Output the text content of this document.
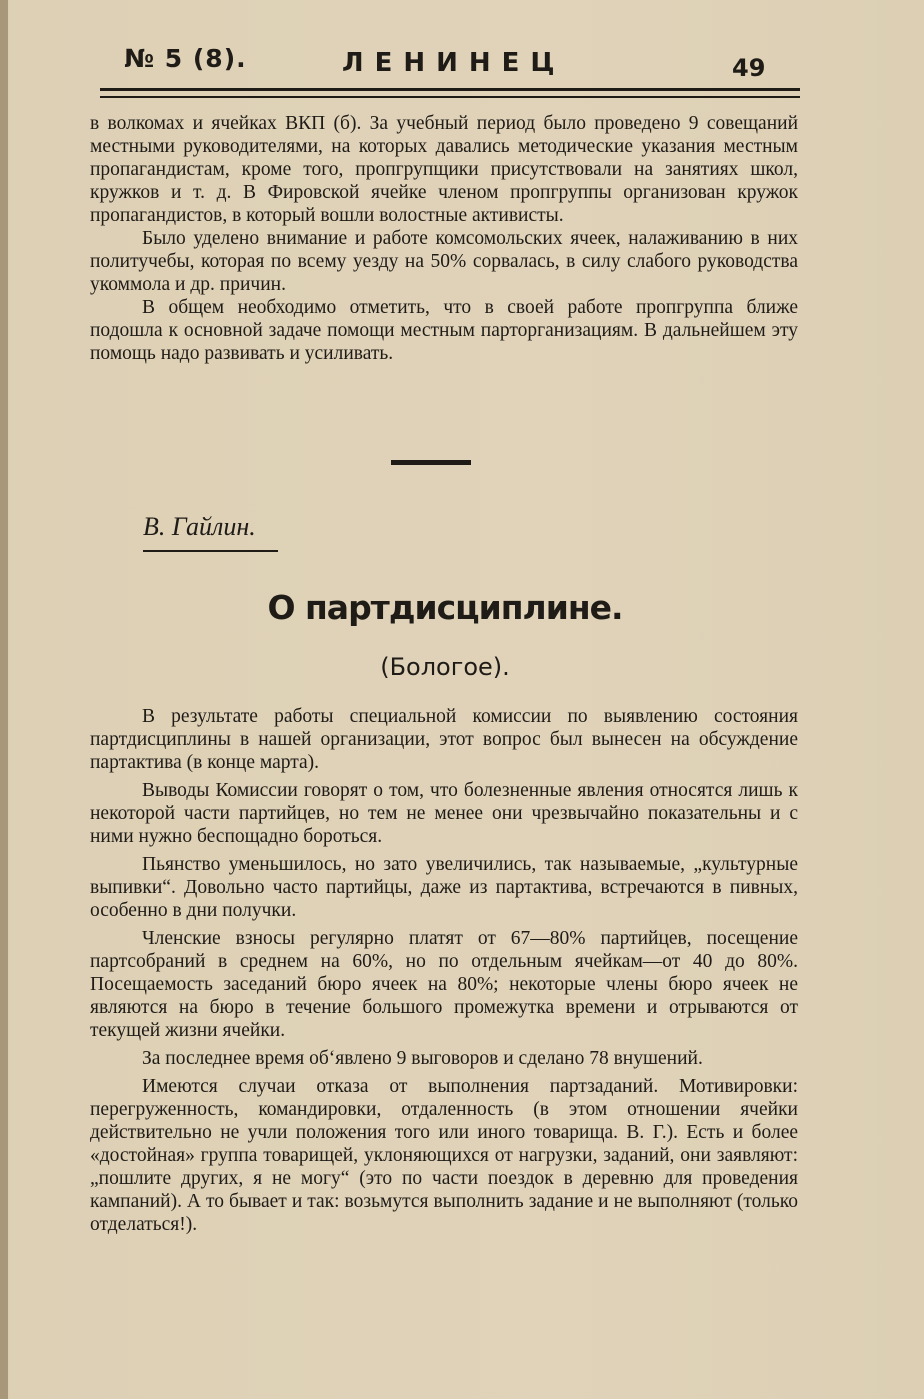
№ 5 (8).	ЛЕНИНЕЦ	49

в волкомах и ячейках ВКП (б). За учебный период было проведено 9 совещаний местными руководителями, на которых давались методические указания местным пропагандистам, кроме того, пропгрупщики присутствовали на занятиях школ, кружков и т. д. В Фировской ячейке членом пропгруппы организован кружок пропагандистов, в который вошли волостные активисты.

Было уделено внимание и работе комсомольских ячеек, налаживанию в них политучебы, которая по всему уезду на 50% сорвалась, в силу слабого руководства укоммола и др. причин.

В общем необходимо отметить, что в своей работе пропгруппа ближе подошла к основной задаче помощи местным парторганизациям. В дальнейшем эту помощь надо развивать и усиливать.

В. Гайлин.
О партдисциплине.
(Бологое).

В результате работы специальной комиссии по выявлению состояния партдисциплины в нашей организации, этот вопрос был вынесен на обсуждение партактива (в конце марта).

Выводы Комиссии говорят о том, что болезненные явления относятся лишь к некоторой части партийцев, но тем не менее они чрезвычайно показательны и с ними нужно беспощадно бороться.

Пьянство уменьшилось, но зато увеличились, так называемые, „культурные выпивки“. Довольно часто партийцы, даже из партактива, встречаются в пивных, особенно в дни получки.

Членские взносы регулярно платят от 67—80% партийцев, посещение партсобраний в среднем на 60%, но по отдельным ячейкам—от 40 до 80%. Посещаемость заседаний бюро ячеек на 80%; некоторые члены бюро ячеек не являются на бюро в течение большого промежутка времени и отрываются от текущей жизни ячейки.

За последнее время об‘явлено 9 выговоров и сделано 78 внушений.

Имеются случаи отказа от выполнения партзаданий. Мотивировки: перегруженность, командировки, отдаленность (в этом отношении ячейки действительно не учли положения того или иного товарища. В. Г.). Есть и более «достойная» группа товарищей, уклоняющихся от нагрузки, заданий, они заявляют: „пошлите других, я не могу“ (это по части поездок в деревню для проведения кампаний). А то бывает и так: возьмутся выполнить задание и не выполняют (только отделаться!).
